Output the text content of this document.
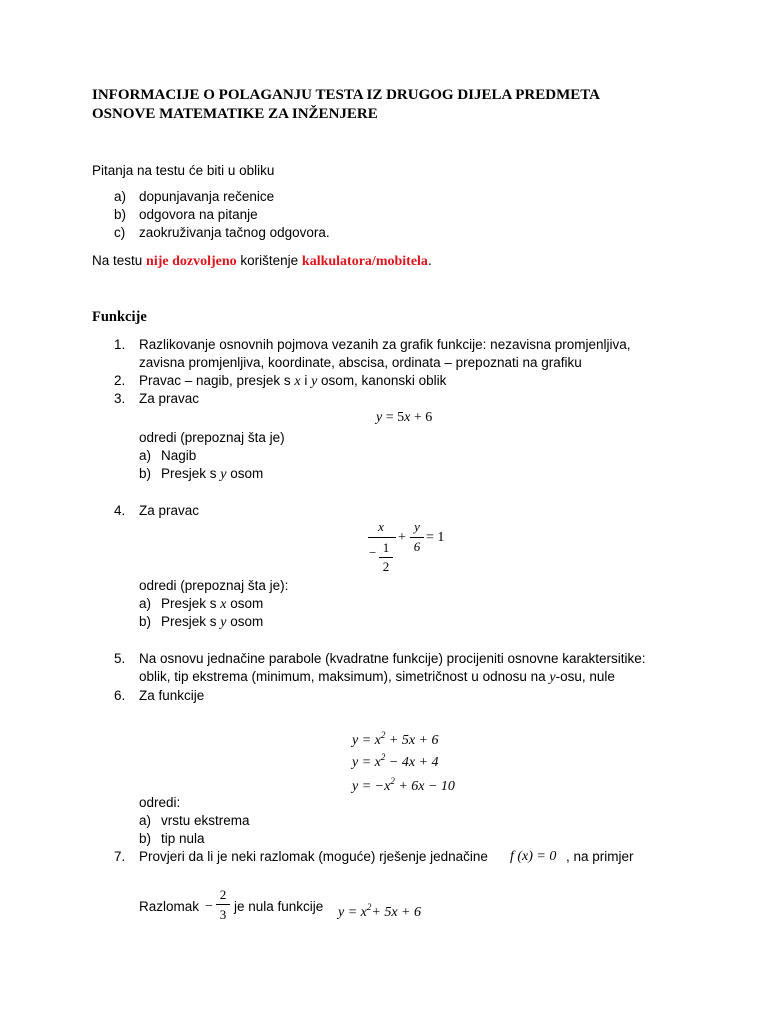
INFORMACIJE O POLAGANJU TESTA IZ DRUGOG DIJELA PREDMETA
OSNOVE MATEMATIKE ZA INŽENJERE
Pitanja na testu će biti u obliku
a) dopunjavanja rečenice
b) odgovora na pitanje
c) zaokruživanja tačnog odgovora.
Na testu nije dozvoljeno korištenje kalkulatora/mobitela.
Funkcije
1. Razlikovanje osnovnih pojmova vezanih za grafik funkcije: nezavisna promjenljiva,
zavisna promjenljiva, koordinate, abscisa, ordinata – prepoznati na grafiku
2. Pravac – nagib, presjek s x i y osom, kanonski oblik
3. Za pravac
y = 5x + 6
odredi (prepoznaj šta je)
a) Nagib
b) Presjek s y osom
4. Za pravac
x
− 1
2
+
y
6
= 1
odredi (prepoznaj šta je):
a) Presjek s x osom
b) Presjek s y osom
5. Na osnovu jednačine parabole (kvadratne funkcije) procijeniti osnovne karaktersitike:
oblik, tip ekstrema (minimum, maksimum), simetričnost u odnosu na y-osu, nule
6. Za funkcije
$y = x^2 + 5x + 6$
$y = x^2 - 4x + 4$
$y = -x^2 + 6x - 10$
odredi:
a) vrstu ekstrema
b) tip nula
7. Provjeri da li je neki razlomak (moguće) rješenje jednačine f (x) = 0 , na primjer
Razlomak −
2
3
je nula funkcije $y = x^2+ 5x + 6$
